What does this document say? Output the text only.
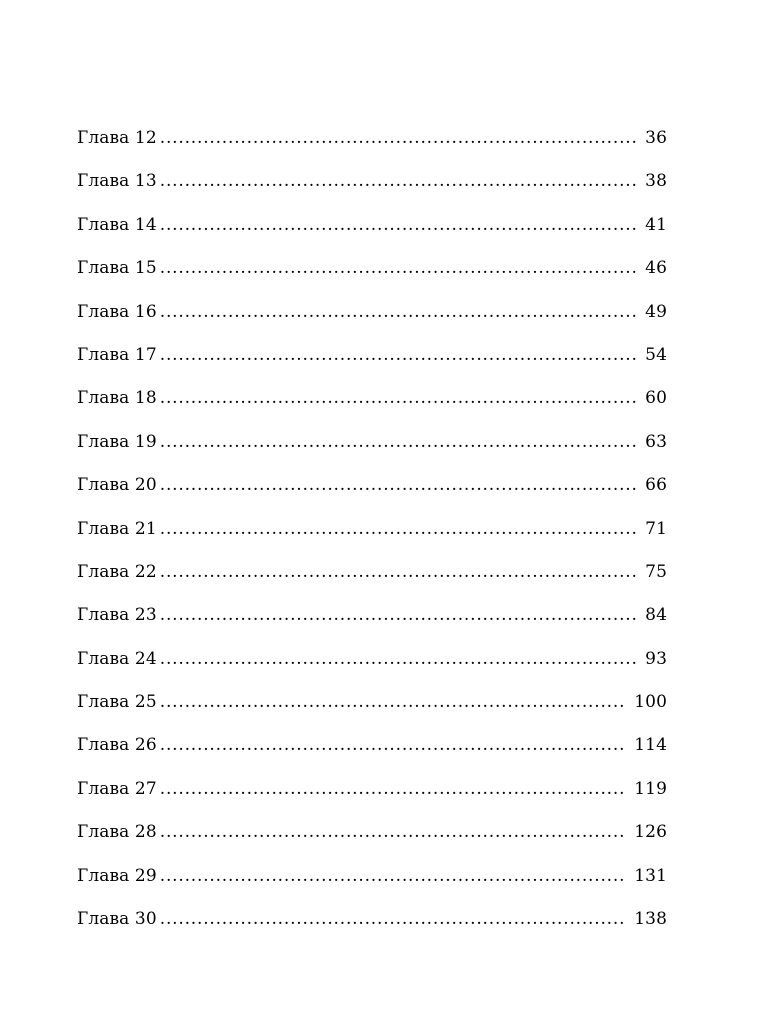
Глава 12 . . .	36
Глава 13 . . .	38
Глава 14 . . .	41
Глава 15 . . .	46
Глава 16 . . .	49
Глава 17 . . .	54
Глава 18 . . .	60
Глава 19 . . .	63
Глава 20 . . .	66
Глава 21 . . .	71
Глава 22 . . .	75
Глава 23 . . .	84
Глава 24 . . .	93
Глава 25 . . .	100
Глава 26 . . .	114
Глава 27 . . .	119
Глава 28 . . .	126
Глава 29 . . .	131
Глава 30 . . .	138
